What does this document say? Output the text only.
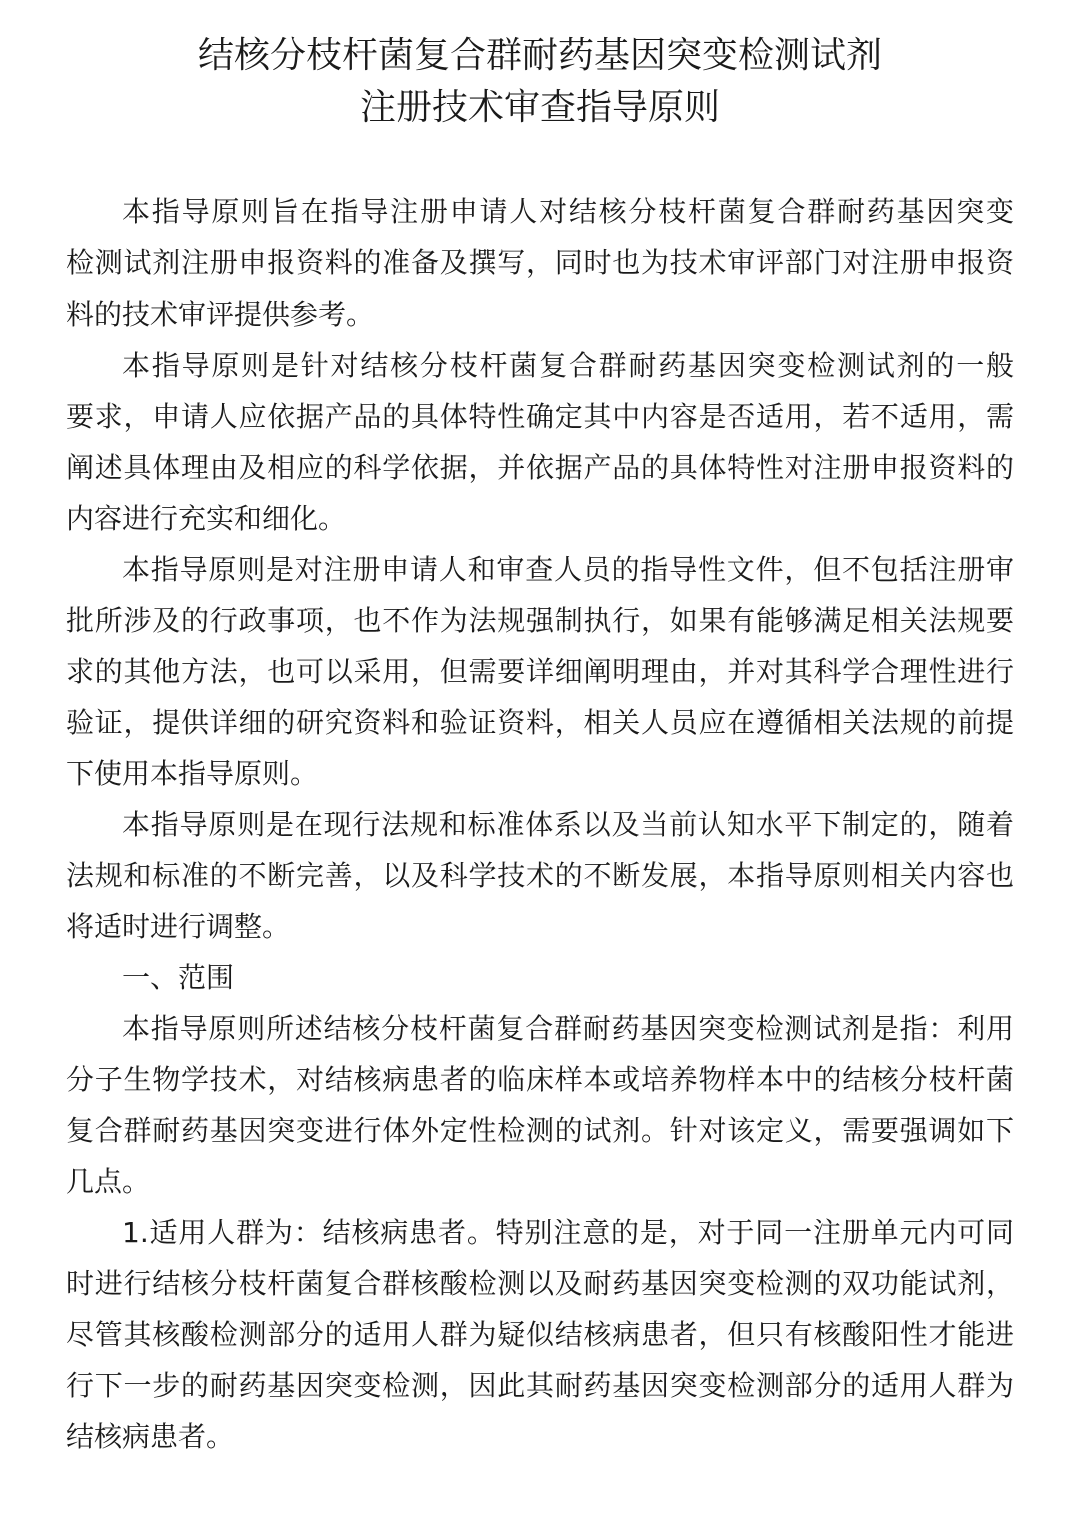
结核分枝杆菌复合群耐药基因突变检测试剂
注册技术审查指导原则

本指导原则旨在指导注册申请人对结核分枝杆菌复合群耐药基因突变

检测试剂注册申报资料的准备及撰写，同时也为技术审评部门对注册申报资

料的技术审评提供参考。

本指导原则是针对结核分枝杆菌复合群耐药基因突变检测试剂的一般

要求，申请人应依据产品的具体特性确定其中内容是否适用，若不适用，需

阐述具体理由及相应的科学依据，并依据产品的具体特性对注册申报资料的

内容进行充实和细化。

本指导原则是对注册申请人和审查人员的指导性文件，但不包括注册审

批所涉及的行政事项，也不作为法规强制执行，如果有能够满足相关法规要

求的其他方法，也可以采用，但需要详细阐明理由，并对其科学合理性进行

验证，提供详细的研究资料和验证资料，相关人员应在遵循相关法规的前提

下使用本指导原则。

本指导原则是在现行法规和标准体系以及当前认知水平下制定的，随着

法规和标准的不断完善，以及科学技术的不断发展，本指导原则相关内容也

将适时进行调整。

一、范围

本指导原则所述结核分枝杆菌复合群耐药基因突变检测试剂是指：利用

分子生物学技术，对结核病患者的临床样本或培养物样本中的结核分枝杆菌

复合群耐药基因突变进行体外定性检测的试剂。针对该定义，需要强调如下

几点。

1.适用人群为：结核病患者。特别注意的是，对于同一注册单元内可同

时进行结核分枝杆菌复合群核酸检测以及耐药基因突变检测的双功能试剂，

尽管其核酸检测部分的适用人群为疑似结核病患者，但只有核酸阳性才能进

行下一步的耐药基因突变检测，因此其耐药基因突变检测部分的适用人群为

结核病患者。
